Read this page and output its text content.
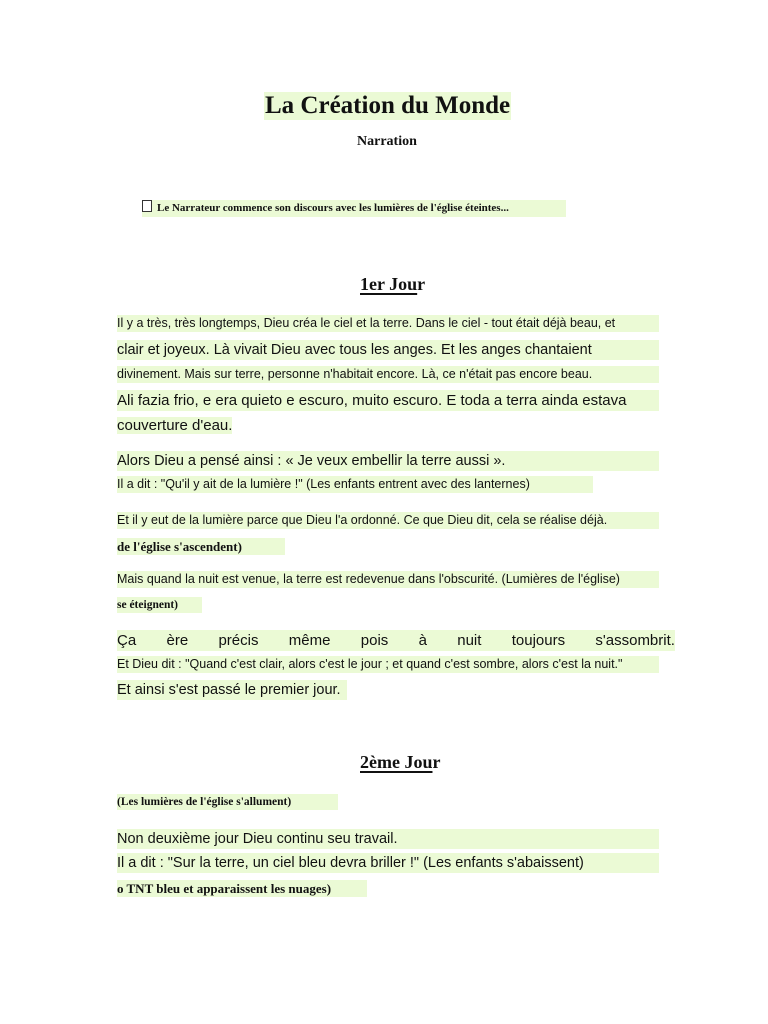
La Création du Monde
Narration
Le Narrateur commence son discours avec les lumières de l'église éteintes...
1er Jour
Il y a très, très longtemps, Dieu créa le ciel et la terre. Dans le ciel - tout était déjà beau, et
clair et joyeux. Là vivait Dieu avec tous les anges. Et les anges chantaient
divinement. Mais sur terre, personne n'habitait encore. Là, ce n'était pas encore beau.
Ali fazia frio, e era quieto e escuro, muito escuro. E toda a terra ainda estava
couverture d'eau.
Alors Dieu a pensé ainsi : « Je veux embellir la terre aussi ».
Il a dit : "Qu'il y ait de la lumière !" (Les enfants entrent avec des lanternes)
Et il y eut de la lumière parce que Dieu l'a ordonné. Ce que Dieu dit, cela se réalise déjà.
de l'église s'ascendent)
Mais quand la nuit est venue, la terre est redevenue dans l'obscurité. (Lumières de l'église)
se éteignent)
Ça ère précis même pois à nuit toujours s'assombrit.
Et Dieu dit : "Quand c'est clair, alors c'est le jour ; et quand c'est sombre, alors c'est la nuit."
Et ainsi s'est passé le premier jour.
2ème Jour
(Les lumières de l'église s'allument)
Non deuxième jour Dieu continu seu travail.
Il a dit : "Sur la terre, un ciel bleu devra briller !" (Les enfants s'abaissent)
o TNT bleu et apparaissent les nuages)
